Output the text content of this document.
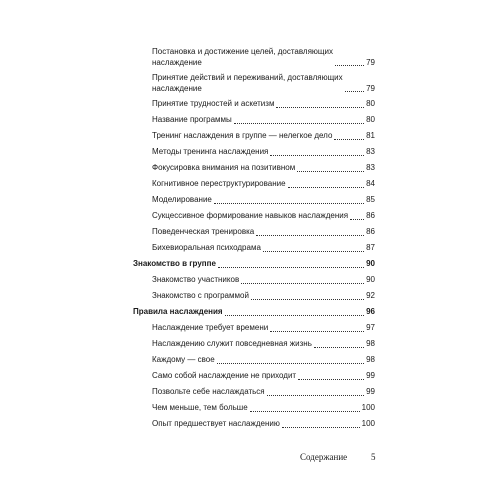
Постановка и достижение целей, доставляющих
наслаждение	79
Принятие действий и переживаний, доставляющих
наслаждение	79
Принятие трудностей и аскетизм	80
Название программы	80
Тренинг наслаждения в группе — нелегкое дело	81
Методы тренинга наслаждения	83
Фокусировка внимания на позитивном	83
Когнитивное переструктурирование	84
Моделирование	85
Сукцессивное формирование навыков наслаждения 86
Поведенческая тренировка	86
Бихевиоральная психодрама	87
Знакомство в группе	90
Знакомство участников	90
Знакомство с программой	92
Правила наслаждения	96
Наслаждение требует времени	97
Наслаждению служит повседневная жизнь	98
Каждому — свое	98
Само собой наслаждение не приходит	99
Позвольте себе наслаждаться	99
Чем меньше, тем больше	100
Опыт предшествует наслаждению	100
Содержание	5
